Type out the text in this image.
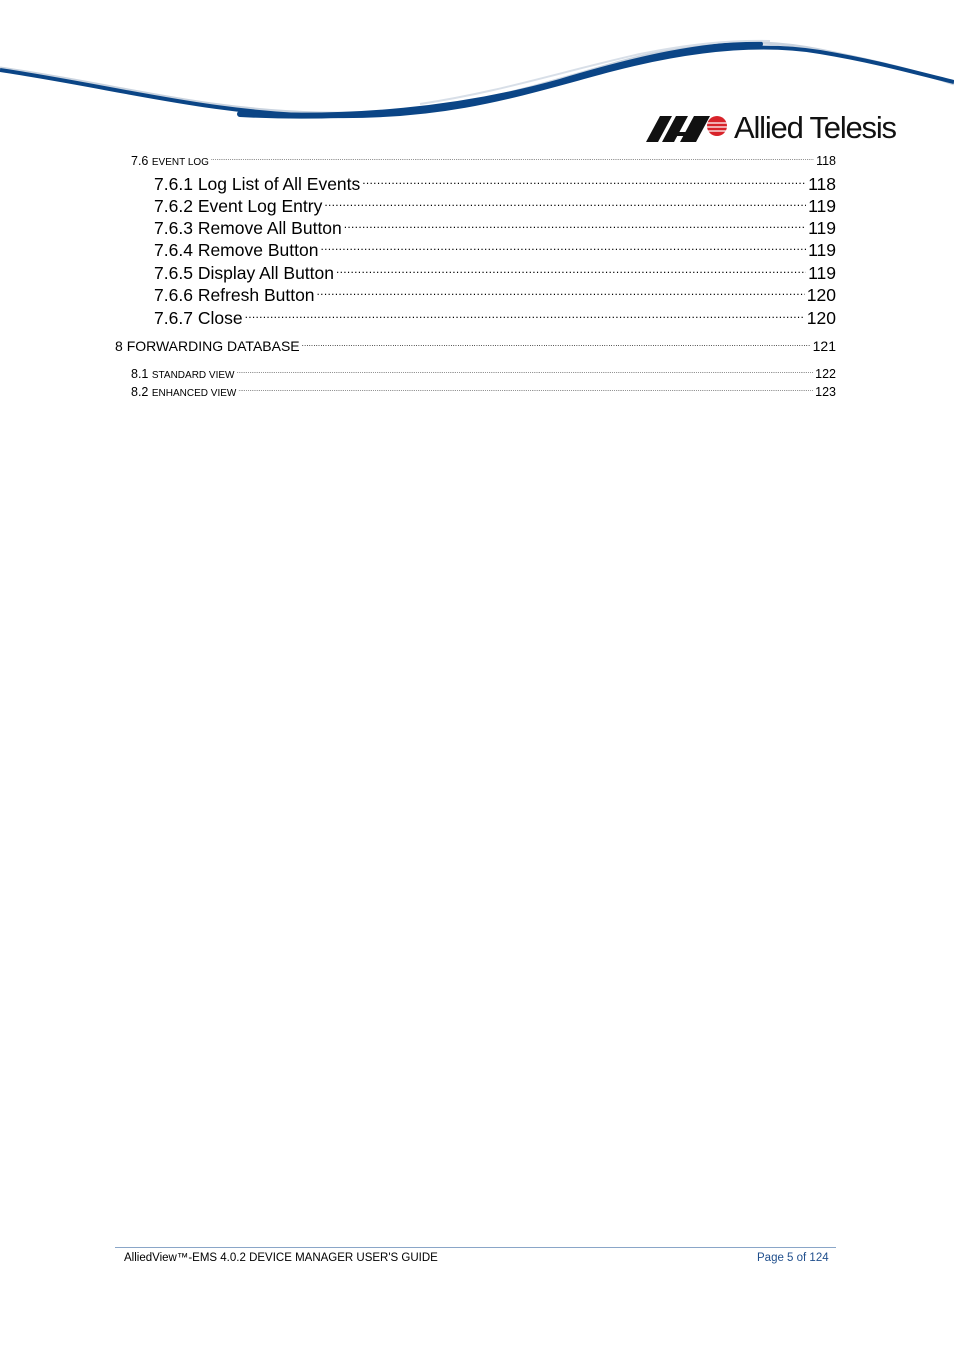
Allied Telesis
7.6 EVENT LOG .....	118
7.6.1 Log List of All Events .....	118
7.6.2 Event Log Entry .....	119
7.6.3 Remove All Button .....	119
7.6.4 Remove Button .....	119
7.6.5 Display All Button .....	119
7.6.6 Refresh Button .....	120
7.6.7 Close .....	120
8 FORWARDING DATABASE .....	121
8.1 STANDARD VIEW .....	122
8.2 ENHANCED VIEW .....	123
AlliedView™-EMS 4.0.2 DEVICE MANAGER USER'S GUIDE	Page 5 of 124
